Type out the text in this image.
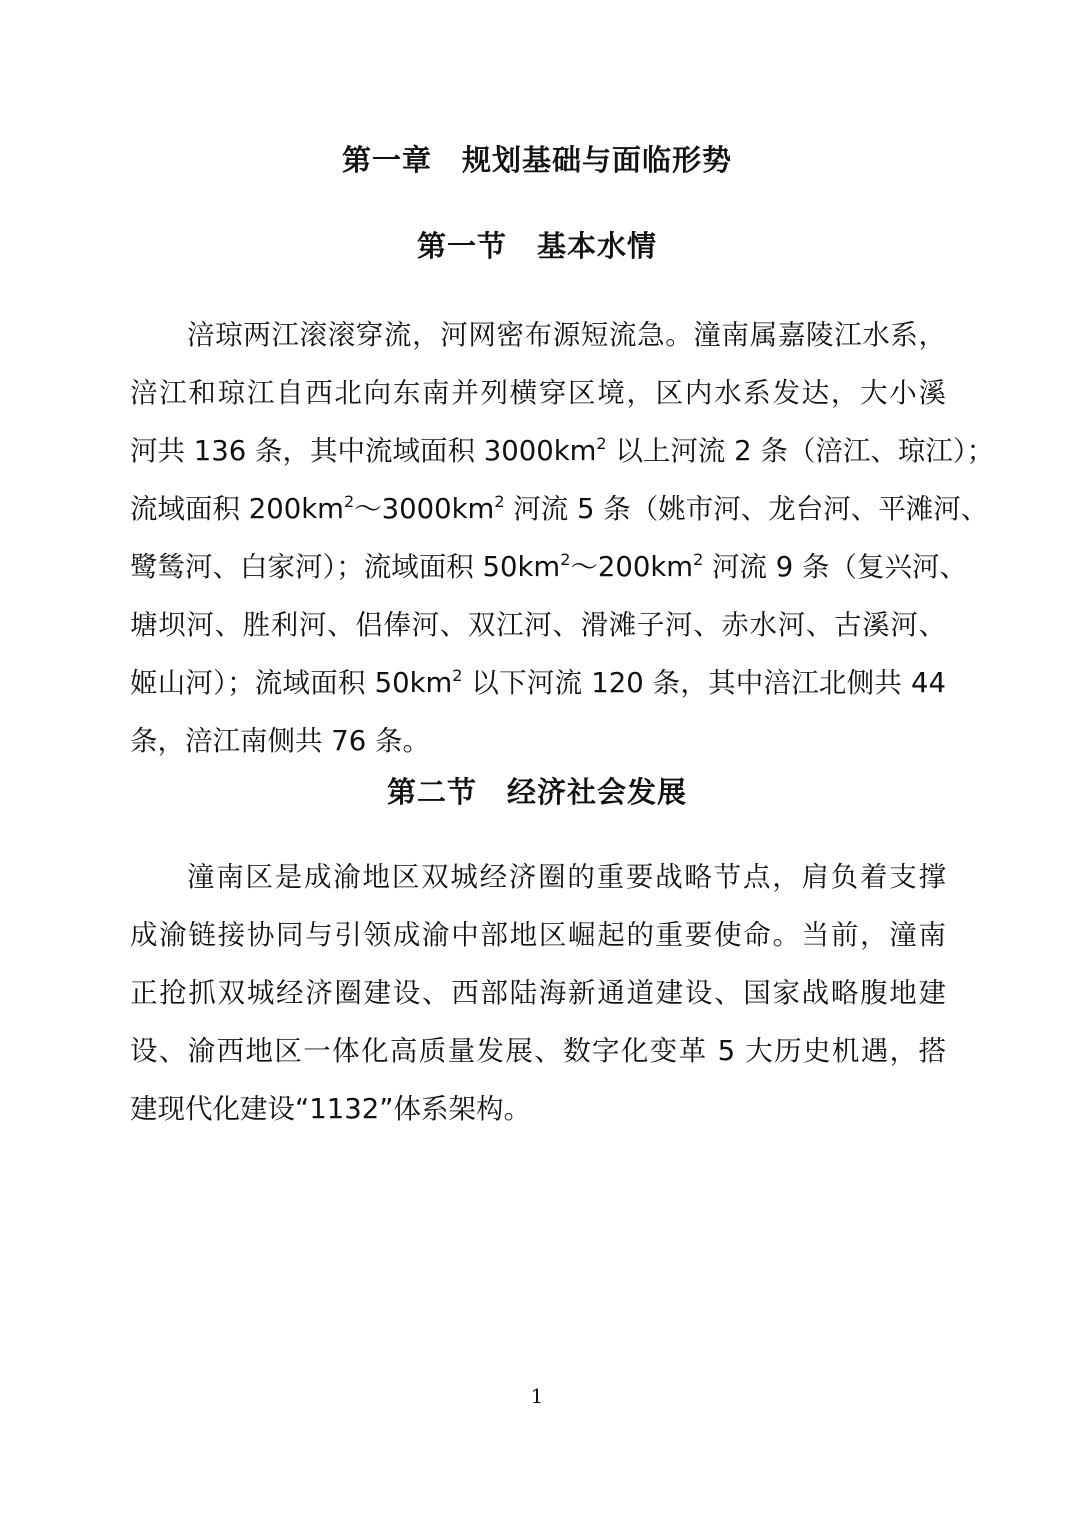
第一章　规划基础与面临形势
第一节　基本水情
涪琼两江滚滚穿流，河网密布源短流急。潼南属嘉陵江水系，
涪江和琼江自西北向东南并列横穿区境，区内水系发达，大小溪
河共 136 条，其中流域面积 $3000km^2$ 以上河流 2 条（涪江、琼江）；
流域面积 $200km^2\sim 3000km^2$ 河流 5 条（姚市河、龙台河、平滩河、
鹭鸶河、白家河）；流域面积 $50km^2\sim 200km^2$ 河流 9 条（复兴河、
塘坝河、胜利河、侣俸河、双江河、滑滩子河、赤水河、古溪河、
姬山河）；流域面积 $50km^2$ 以下河流 120 条，其中涪江北侧共 44
条，涪江南侧共 76 条。
第二节　经济社会发展
潼南区是成渝地区双城经济圈的重要战略节点，肩负着支撑
成渝链接协同与引领成渝中部地区崛起的重要使命。当前，潼南
正抢抓双城经济圈建设、西部陆海新通道建设、国家战略腹地建
设、渝西地区一体化高质量发展、数字化变革 5 大历史机遇，搭
建现代化建设“1132”体系架构。
1
